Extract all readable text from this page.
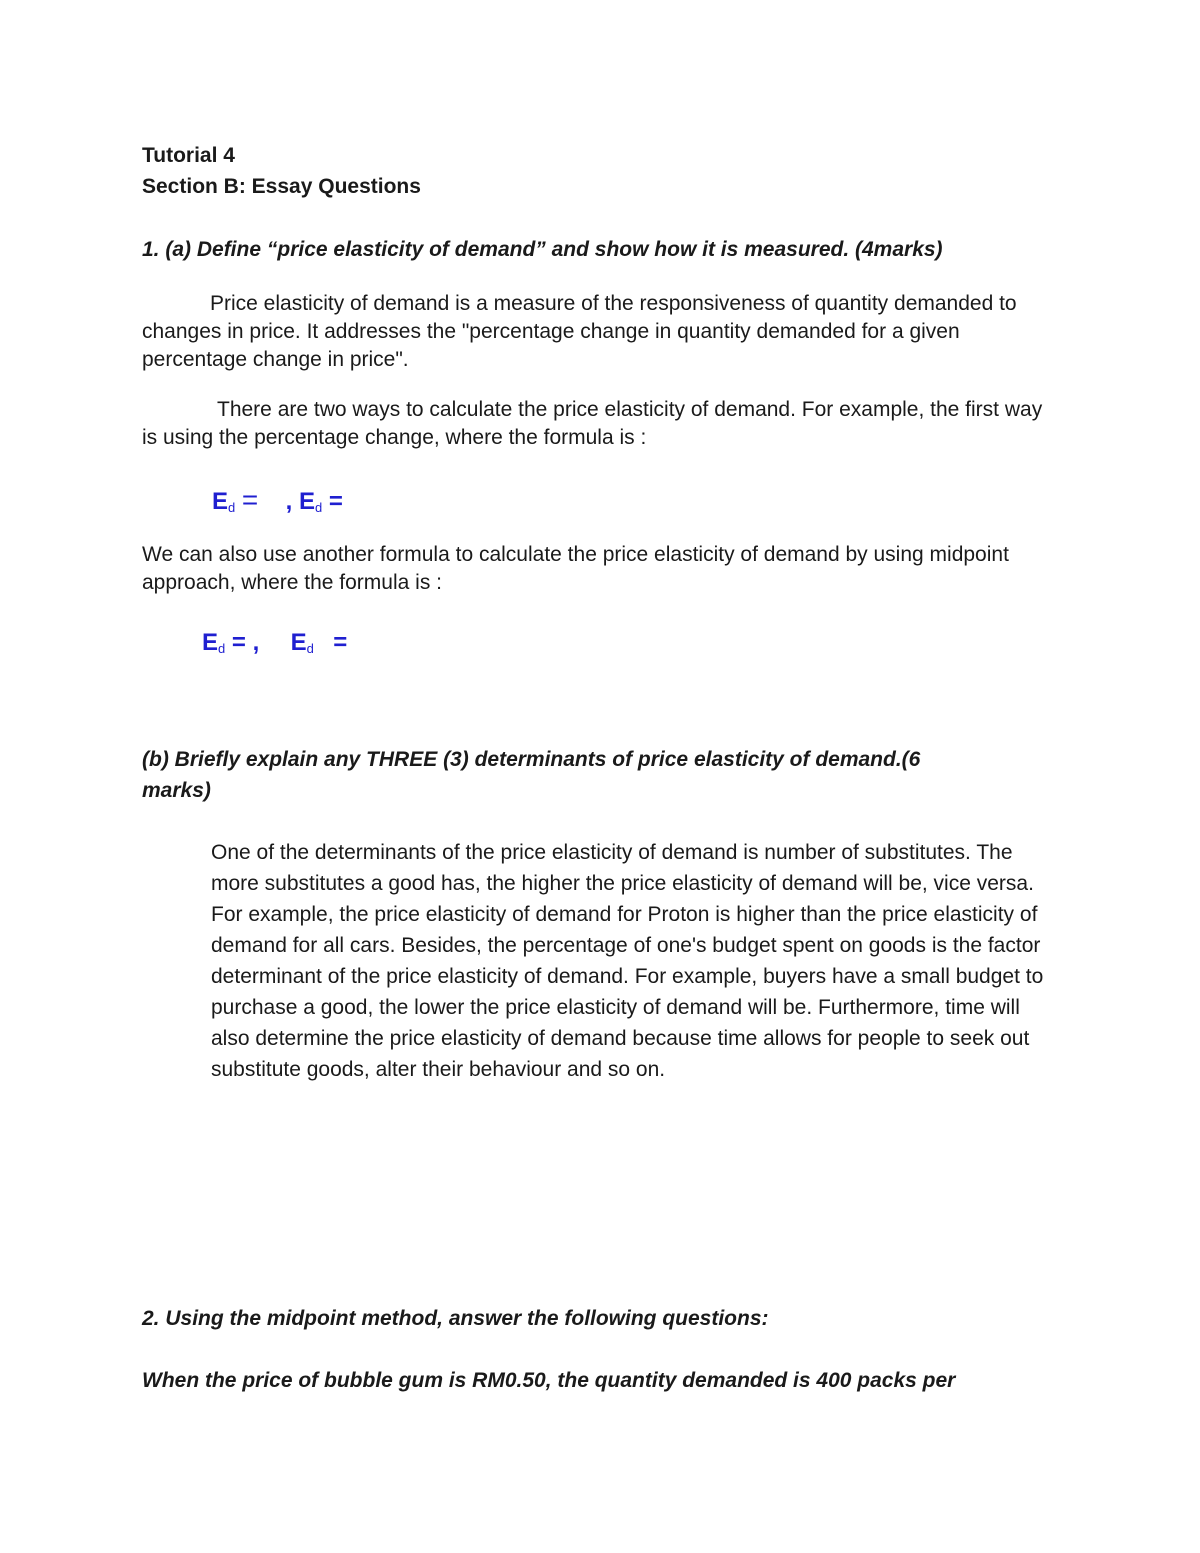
Tutorial 4
Section B: Essay Questions
1. (a) Define “price elasticity of demand” and show how it is measured. (4marks)
Price elasticity of demand is a measure of the responsiveness of quantity demanded to changes in price. It addresses the "percentage change in quantity demanded for a given percentage change in price".
There are two ways to calculate the price elasticity of demand. For example, the first way is using the percentage change, where the formula is :
$E_d$ = , $E_d$ =
We can also use another formula to calculate the price elasticity of demand by using midpoint approach, where the formula is :
$E_d$ = , $E_d$ =
(b) Briefly explain any THREE (3) determinants of price elasticity of demand.(6
marks)
One of the determinants of the price elasticity of demand is number of substitutes. The more substitutes a good has, the higher the price elasticity of demand will be, vice versa. For example, the price elasticity of demand for Proton is higher than the price elasticity of demand for all cars. Besides, the percentage of one's budget spent on goods is the factor determinant of the price elasticity of demand. For example, buyers have a small budget to purchase a good, the lower the price elasticity of demand will be. Furthermore, time will also determine the price elasticity of demand because time allows for people to seek out substitute goods, alter their behaviour and so on.
2. Using the midpoint method, answer the following questions:
When the price of bubble gum is RM0.50, the quantity demanded is 400 packs per
